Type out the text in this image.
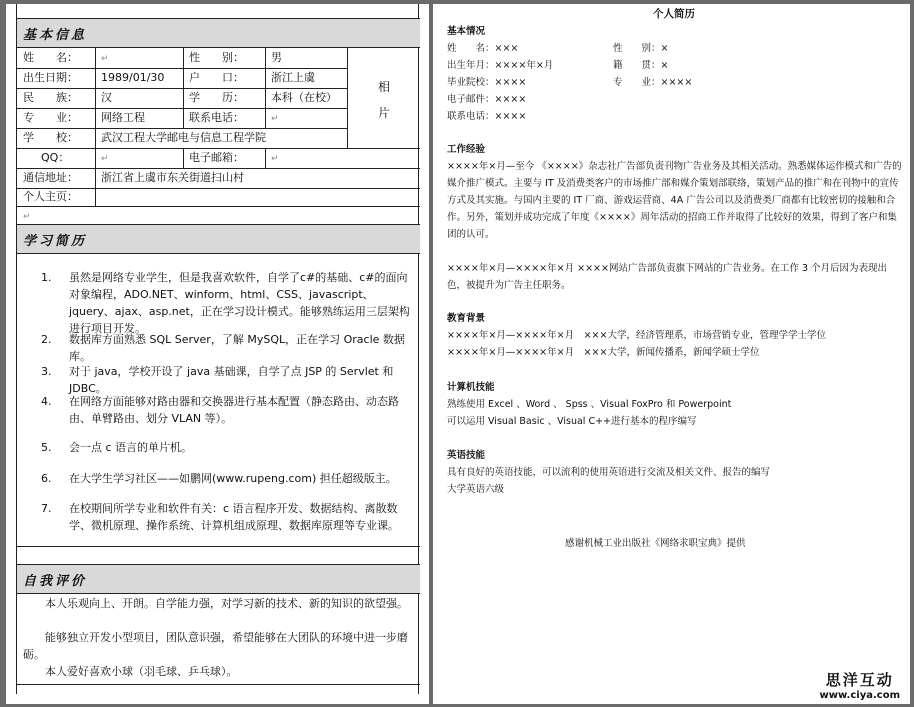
基本信息
姓　　名：	↵	性　　别： 男
出生日期： 1989/01/30 户　　口： 浙江上虞
民　　族： 汉	学　　历： 本科（在校）
专　　业： 网络工程	联系电话：	↵
学　　校： 武汉工程大学邮电与信息工程学院
相
片
QQ：	↵	电子邮箱：	↵
通信地址： 浙江省上虞市东关街道扫山村
个人主页：
↵
学习简历
1.	虽然是网络专业学生，但是我喜欢软件，自学了c#的基础、c#的面向对象编程，ADO.NET、winform、html、CSS、javascript、jquery、ajax、asp.net，正在学习设计模式。能够熟练运用三层架构进行项目开发。
2.	数据库方面熟悉 SQL Server，了解 MySQL，正在学习 Oracle 数据库。
3.	对于 java，学校开设了 java 基础课，自学了点 JSP 的 Servlet 和 JDBC。
4.	在网络方面能够对路由器和交换器进行基本配置（静态路由、动态路由、单臂路由、划分 VLAN 等）。
5.	会一点 c 语言的单片机。
6.	在大学生学习社区——如鹏网(www.rupeng.com) 担任超级版主。
7.	在校期间所学专业和软件有关：c 语言程序开发、数据结构、离散数学、微机原理、操作系统、计算机组成原理、数据库原理等专业课。
自我评价
本人乐观向上、开朗。自学能力强，对学习新的技术、新的知识的欲望强。
能够独立开发小型项目，团队意识强，希望能够在大团队的环境中进一步磨砺。
本人爱好喜欢小球（羽毛球、乒乓球）。
个人简历
基本情况
姓　　名：×××	性　　别：×
出生年月：××××年×月	籍　　贯：×
毕业院校：××××	专　　业：××××
电子邮件：××××
联系电话：××××
工作经验
××××年×月—至今 《××××》杂志社广告部负责刊物广告业务及其相关活动。熟悉媒体运作模式和广告的媒介推广模式。主要与 IT 及消费类客户的市场推广部和媒介策划部联络，策划产品的推广和在刊物中的宣传方式及其实施。与国内主要的 IT 厂商、游戏运营商、4A 广告公司以及消费类厂商都有比较密切的接触和合作。另外，策划并成功完成了年度《××××》周年活动的招商工作并取得了比较好的效果，得到了客户和集团的认可。
××××年×月—××××年×月 ××××网站广告部负责旗下网站的广告业务。在工作 3 个月后因为表现出色，被提升为广告主任职务。
教育背景
××××年×月—××××年×月　×××大学，经济管理系，市场营销专业，管理学学士学位
××××年×月—××××年×月　×××大学，新闻传播系，新闻学硕士学位
计算机技能
熟练使用 Excel 、Word 、 Spss 、Visual FoxPro 和 Powerpoint
可以运用 Visual Basic 、Visual C++进行基本的程序编写
英语技能
具有良好的英语技能，可以流利的使用英语进行交流及相关文件、报告的编写
大学英语六级
感谢机械工业出版社《网络求职宝典》提供
思洋互动
www.ciya.com
